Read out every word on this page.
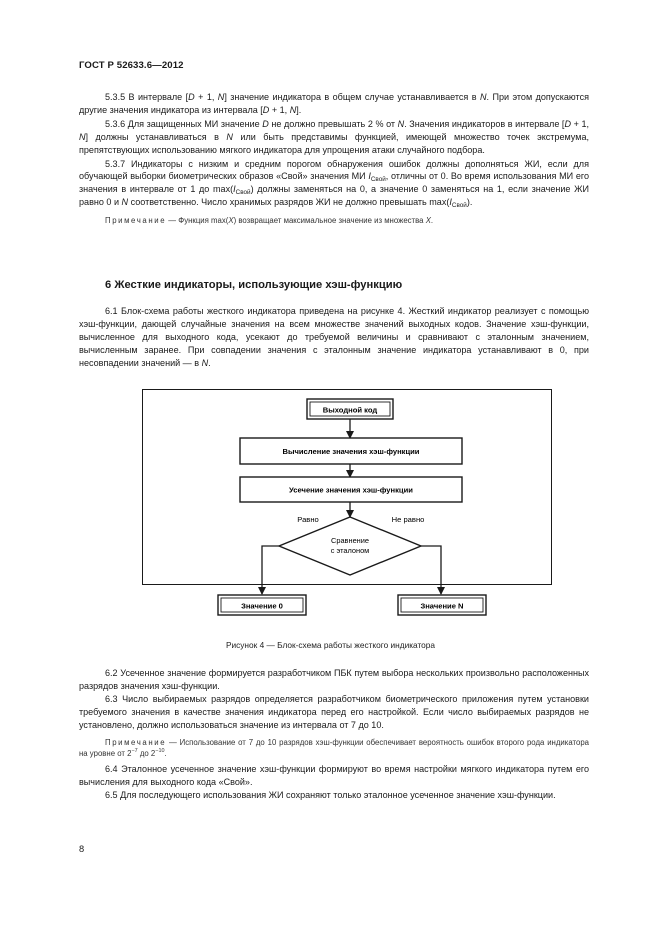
ГОСТ Р 52633.6—2012

5.3.5 В интервале [D + 1, N] значение индикатора в общем случае устанавливается в N. При этом допускаются другие значения индикатора из интервала [D + 1, N].

5.3.6 Для защищенных МИ значение D не должно превышать 2 % от N. Значения индикаторов в интервале [D + 1, N] должны устанавливаться в N или быть представимы функцией, имеющей множество точек экстремума, препятствующих использованию мягкого индикатора для упрощения атаки случайного подбора.

5.3.7 Индикаторы с низким и средним порогом обнаружения ошибок должны дополняться ЖИ, если для обучающей выборки биометрических образов «Свой» значения МИ $I_{Свой}$, отличны от 0. Во время использования МИ его значения в интервале от 1 до $\max(I_{Свой})$ должны заменяться на 0, а значение 0 заменяться на 1, если значение ЖИ равно 0 и N соответственно. Число хранимых разрядов ЖИ не должно превышать $\max(I_{Свой})$.

Примечание — Функция max(X) возвращает максимальное значение из множества X.

6 Жесткие индикаторы, использующие хэш-функцию

6.1 Блок-схема работы жесткого индикатора приведена на рисунке 4. Жесткий индикатор реализует с помощью хэш-функции, дающей случайные значения на всем множестве значений выходных кодов. Значение хэш-функции, вычисленное для выходного кода, усекают до требуемой величины и сравнивают с эталонным значением, вычисленным заранее. При совпадении значения с эталонным значение индикатора устанавливают в 0, при несовпадении значений — в N.

Выходной код
Вычисление значения хэш-функции
Усечение значения хэш-функции
Сравнение
с эталоном
Равно	Не равно
Значение 0	Значение N
Рисунок 4 — Блок-схема работы жесткого индикатора

6.2 Усеченное значение формируется разработчиком ПБК путем выбора нескольких произвольно расположенных разрядов значения хэш-функции.

6.3 Число выбираемых разрядов определяется разработчиком биометрического приложения путем установки требуемого значения в качестве значения индикатора перед его настройкой. Если число выбираемых разрядов не установлено, должно использоваться значение из интервала от 7 до 10.

Примечание — Использование от 7 до 10 разрядов хэш-функции обеспечивает вероятность ошибок второго рода индикатора на уровне от $2^{-7}$ до $2^{-10}$.

6.4 Эталонное усеченное значение хэш-функции формируют во время настройки мягкого индикатора путем его вычисления для выходного кода «Свой».

6.5 Для последующего использования ЖИ сохраняют только эталонное усеченное значение хэш-функции.

8
